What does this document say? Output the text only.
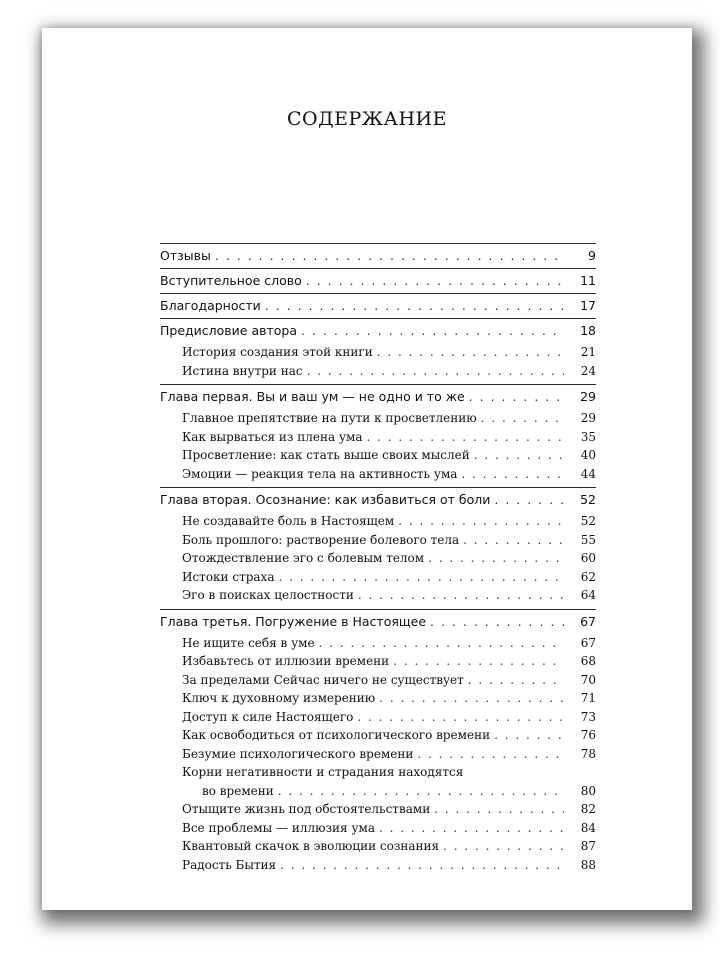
СОДЕРЖАНИЕ
Отзывы . . .	9
Вступительное слово . . .	11
Благодарности . . .	17
Предисловие автора . . .	18
История создания этой книги . . .	21
Истина внутри нас . . .	24
Глава первая. Вы и ваш ум — не одно и то же . . .	29
Главное препятствие на пути к просветлению . . .	29
Как вырваться из плена ума . . .	35
Просветление: как стать выше своих мыслей . . .	40
Эмоции — реакция тела на активность ума . . .	44
Глава вторая. Осознание: как избавиться от боли . . .	52
Не создавайте боль в Настоящем . . .	52
Боль прошлого: растворение болевого тела . . .	55
Отождествление эго с болевым телом . . .	60
Истоки страха . . .	62
Эго в поисках целостности . . .	64
Глава третья. Погружение в Настоящее . . .	67
Не ищите себя в уме . . .	67
Избавьтесь от иллюзии времени . . .	68
За пределами Сейчас ничего не существует . . .	70
Ключ к духовному измерению . . .	71
Доступ к силе Настоящего . . .	73
Как освободиться от психологического времени . . .	76
Безумие психологического времени . . .	78
Корни негативности и страдания находятся
во времени . . .	80
Отыщите жизнь под обстоятельствами . . .	82
Все проблемы — иллюзия ума . . .	84
Квантовый скачок в эволюции сознания . . .	87
Радость Бытия . . .	88
